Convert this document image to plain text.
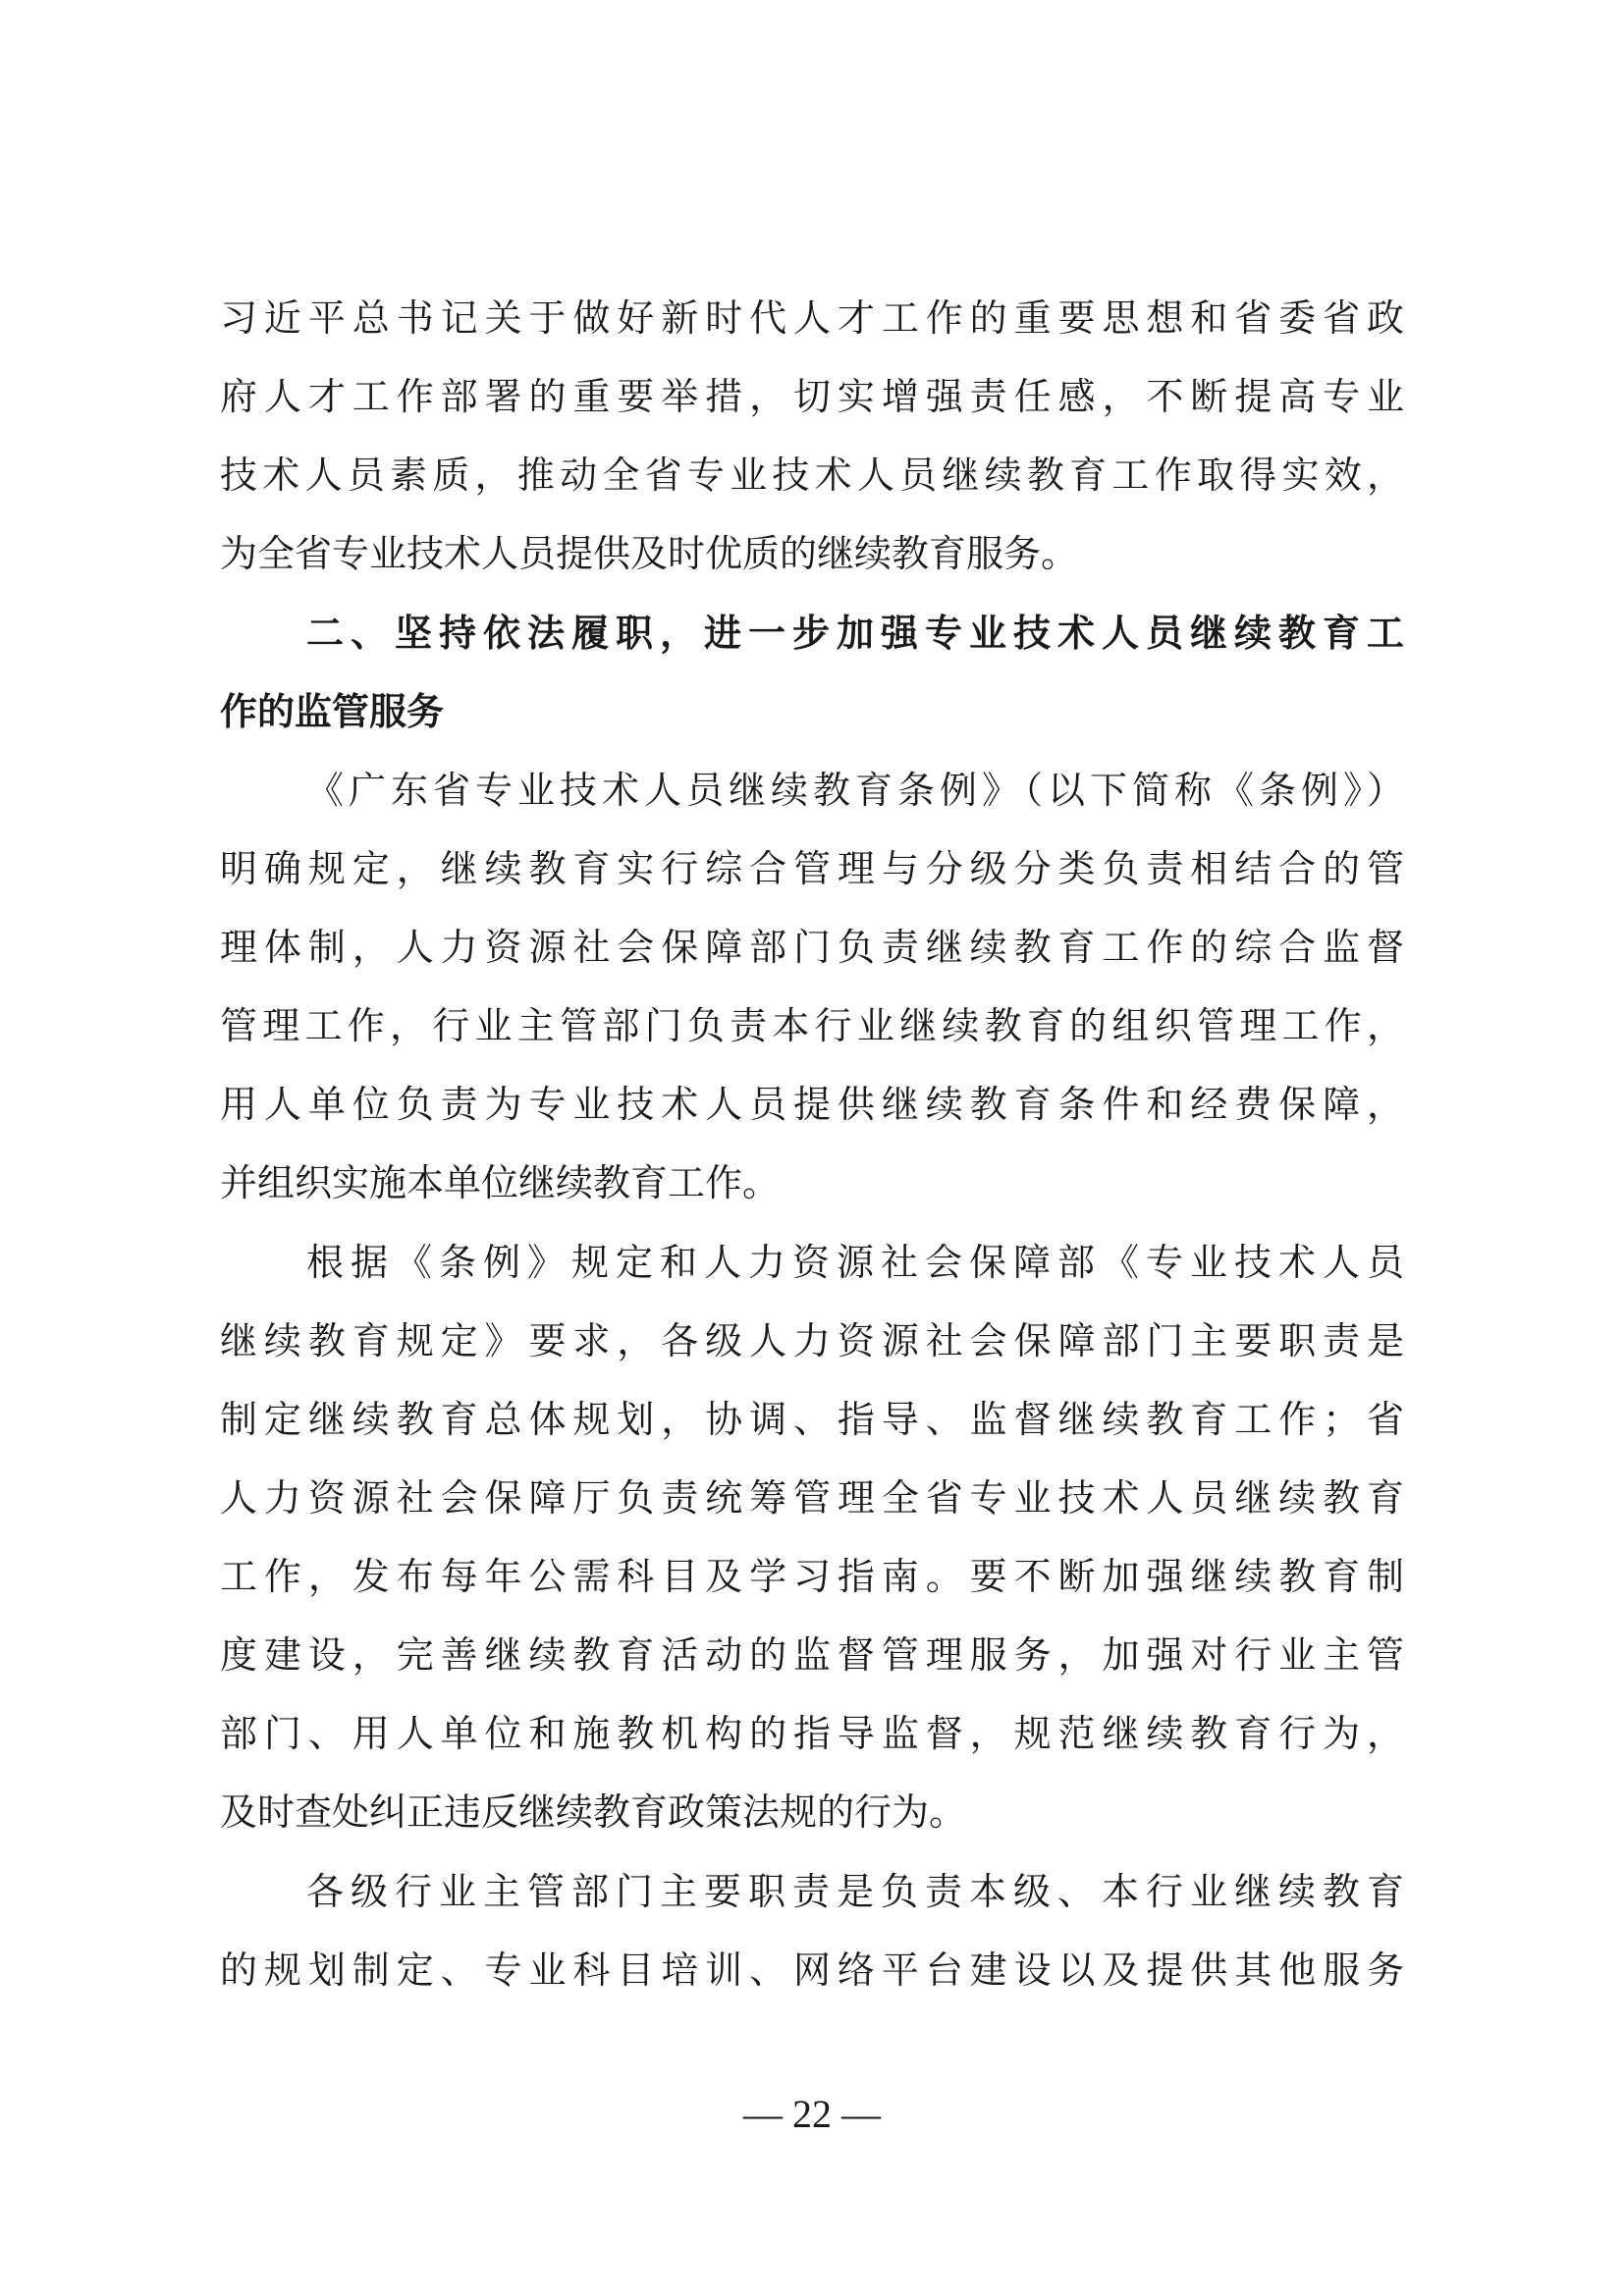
习近平总书记关于做好新时代人才工作的重要思想和省委省政
府人才工作部署的重要举措，切实增强责任感，不断提高专业
技术人员素质，推动全省专业技术人员继续教育工作取得实效，
为全省专业技术人员提供及时优质的继续教育服务。
二、坚持依法履职，进一步加强专业技术人员继续教育工
作的监管服务
《广东省专业技术人员继续教育条例》（以下简称《条例》）
明确规定，继续教育实行综合管理与分级分类负责相结合的管
理体制，人力资源社会保障部门负责继续教育工作的综合监督
管理工作，行业主管部门负责本行业继续教育的组织管理工作，
用人单位负责为专业技术人员提供继续教育条件和经费保障，
并组织实施本单位继续教育工作。
根据《条例》规定和人力资源社会保障部《专业技术人员
继续教育规定》要求，各级人力资源社会保障部门主要职责是
制定继续教育总体规划，协调、指导、监督继续教育工作；省
人力资源社会保障厅负责统筹管理全省专业技术人员继续教育
工作，发布每年公需科目及学习指南。要不断加强继续教育制
度建设，完善继续教育活动的监督管理服务，加强对行业主管
部门、用人单位和施教机构的指导监督，规范继续教育行为，
及时查处纠正违反继续教育政策法规的行为。
各级行业主管部门主要职责是负责本级、本行业继续教育
的规划制定、专业科目培训、网络平台建设以及提供其他服务
— 22 —
